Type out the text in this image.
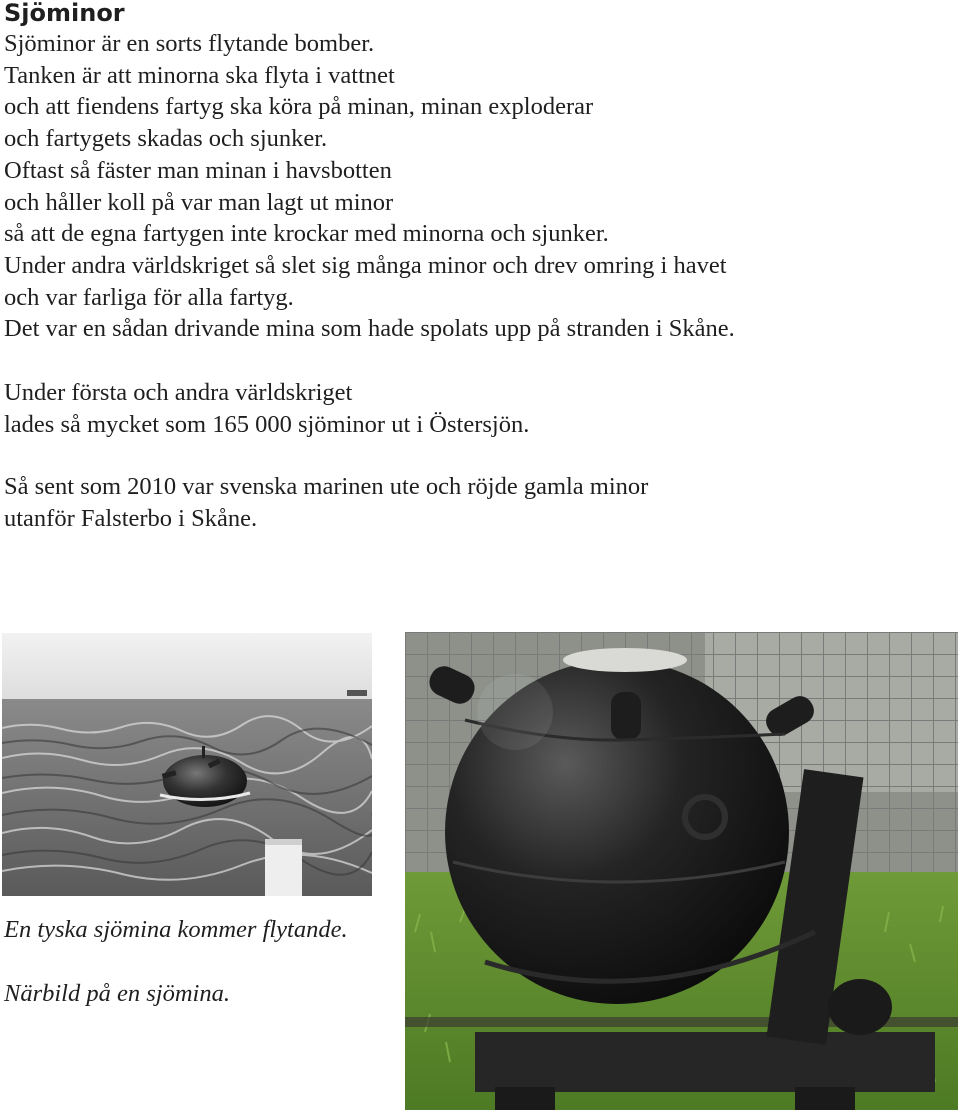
Sjöminor

Sjöminor är en sorts flytande bomber.
Tanken är att minorna ska flyta i vattnet
och att fiendens fartyg ska köra på minan, minan exploderar
och fartygets skadas och sjunker.
Oftast så fäster man minan i havsbotten
och håller koll på var man lagt ut minor
så att de egna fartygen inte krockar med minorna och sjunker.
Under andra världskriget så slet sig många minor och drev omring i havet
och var farliga för alla fartyg.
Det var en sådan drivande mina som hade spolats upp på stranden i Skåne.

Under första och andra världskriget
lades så mycket som 165 000 sjöminor ut i Östersjön.

Så sent som 2010 var svenska marinen ute och röjde gamla minor
utanför Falsterbo i Skåne.

En tyska sjömina kommer flytande.

Närbild på en sjömina.
